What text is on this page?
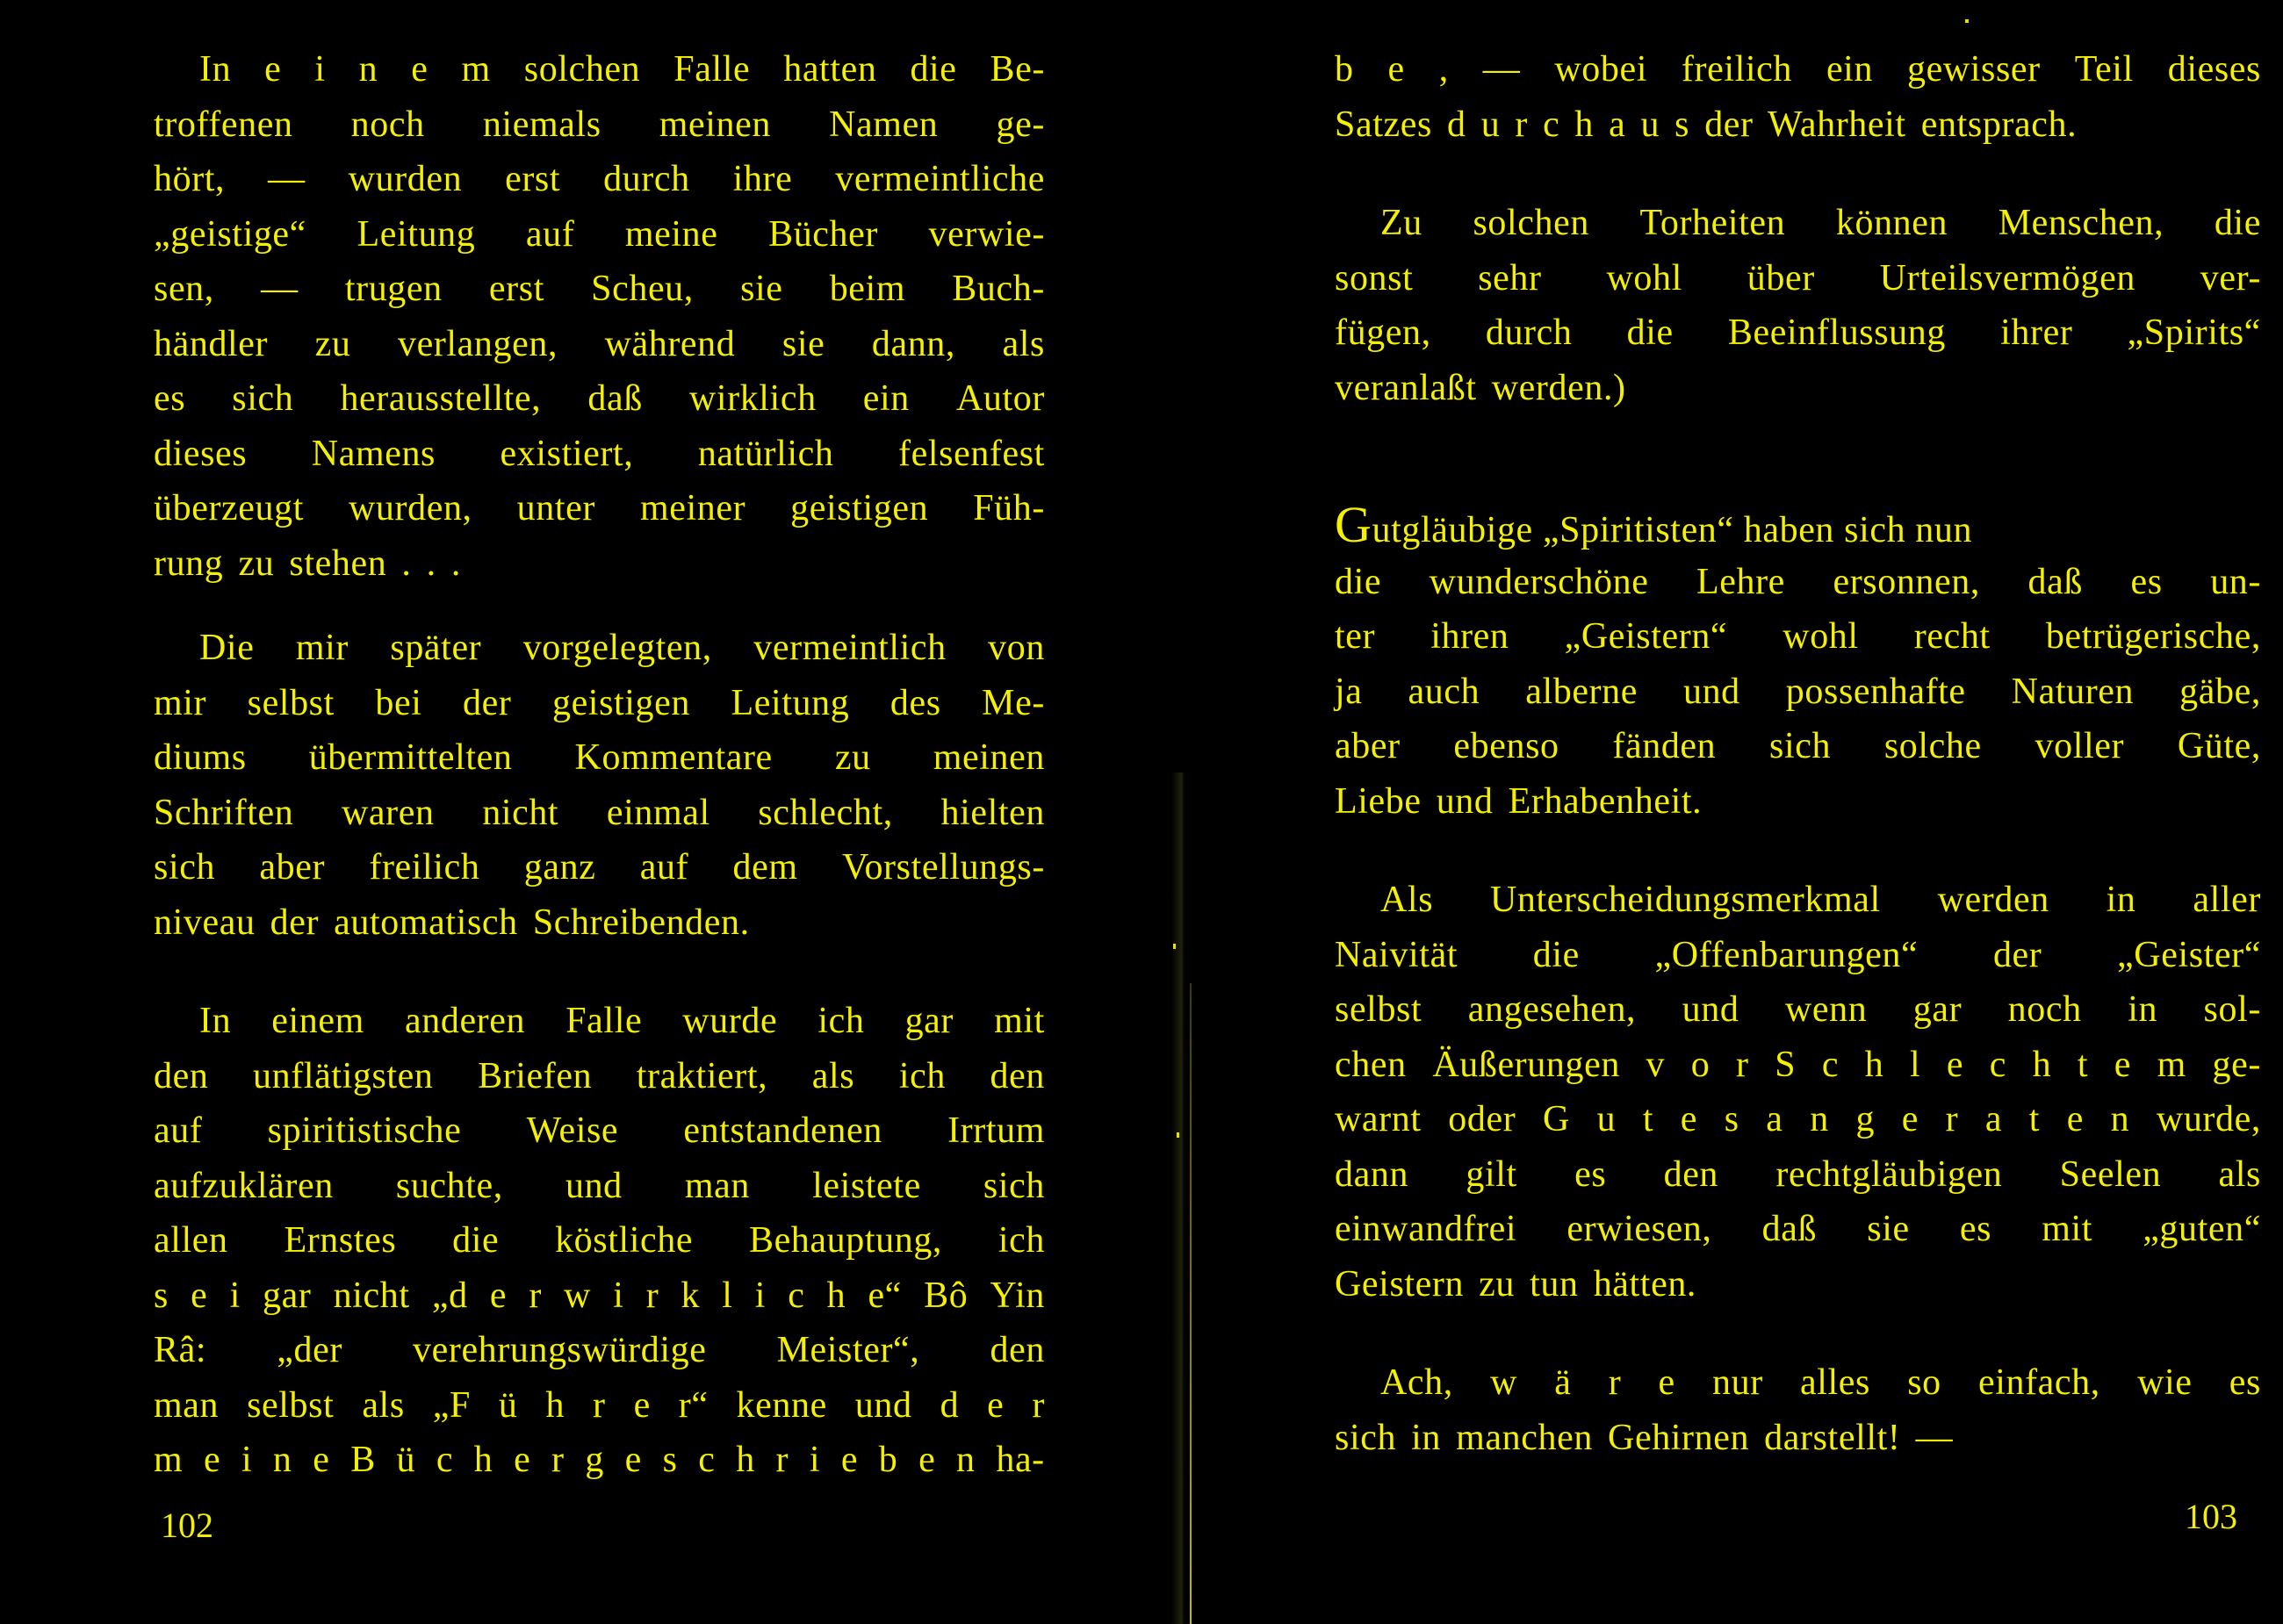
In e i n e m solchen Falle hatten die Be-
troffenen noch niemals meinen Namen ge-
hört, — wurden erst durch ihre vermeintliche
„geistige“ Leitung auf meine Bücher verwie-
sen, — trugen erst Scheu, sie beim Buch-
händler zu verlangen, während sie dann, als
es sich herausstellte, daß wirklich ein Autor
dieses Namens existiert, natürlich felsenfest
überzeugt wurden, unter meiner geistigen Füh-
rung zu stehen . . .
Die mir später vorgelegten, vermeintlich von
mir selbst bei der geistigen Leitung des Me-
diums übermittelten Kommentare zu meinen
Schriften waren nicht einmal schlecht, hielten
sich aber freilich ganz auf dem Vorstellungs-
niveau der automatisch Schreibenden.
In einem anderen Falle wurde ich gar mit
den unflätigsten Briefen traktiert, als ich den
auf spiritistische Weise entstandenen Irrtum
aufzuklären suchte, und man leistete sich
allen Ernstes die köstliche Behauptung, ich
s e i gar nicht „d e r w i r k l i c h e“ Bô Yin
Râ: „der verehrungswürdige Meister“, den
man selbst als „F ü h r e r“ kenne und d e r
m e i n e B ü c h e r g e s c h r i e b e n ha-
102
b e , — wobei freilich ein gewisser Teil dieses
Satzes d u r c h a u s der Wahrheit entsprach.
Zu solchen Torheiten können Menschen, die
sonst sehr wohl über Urteilsvermögen ver-
fügen, durch die Beeinflussung ihrer „Spirits“
veranlaßt werden.)
Gutgläubige „Spiritisten“ haben sich nun
die wunderschöne Lehre ersonnen, daß es un-
ter ihren „Geistern“ wohl recht betrügerische,
ja auch alberne und possenhafte Naturen gäbe,
aber ebenso fänden sich solche voller Güte,
Liebe und Erhabenheit.
Als Unterscheidungsmerkmal werden in aller
Naivität die „Offenbarungen“ der „Geister“
selbst angesehen, und wenn gar noch in sol-
chen Äußerungen v o r S c h l e c h t e m ge-
warnt oder G u t e s a n g e r a t e n wurde,
dann gilt es den rechtgläubigen Seelen als
einwandfrei erwiesen, daß sie es mit „guten“
Geistern zu tun hätten.
Ach, w ä r e nur alles so einfach, wie es
sich in manchen Gehirnen darstellt! —
103
